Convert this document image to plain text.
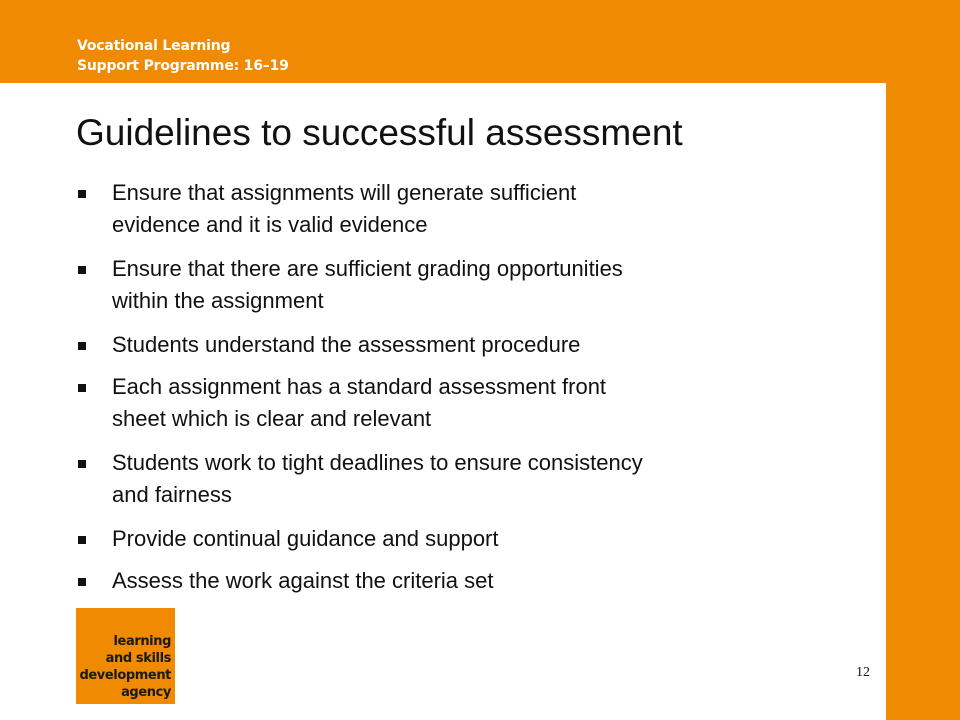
Vocational Learning
Support Programme: 16–19
Guidelines to successful assessment
Ensure that assignments will generate sufficient
evidence and it is valid evidence
Ensure that there are sufficient grading opportunities
within the assignment
Students understand the assessment procedure
Each assignment has a standard assessment front
sheet which is clear and relevant
Students work to tight deadlines to ensure consistency
and fairness
Provide continual guidance and support
Assess the work against the criteria set
learning
and skills
development
agency
12
